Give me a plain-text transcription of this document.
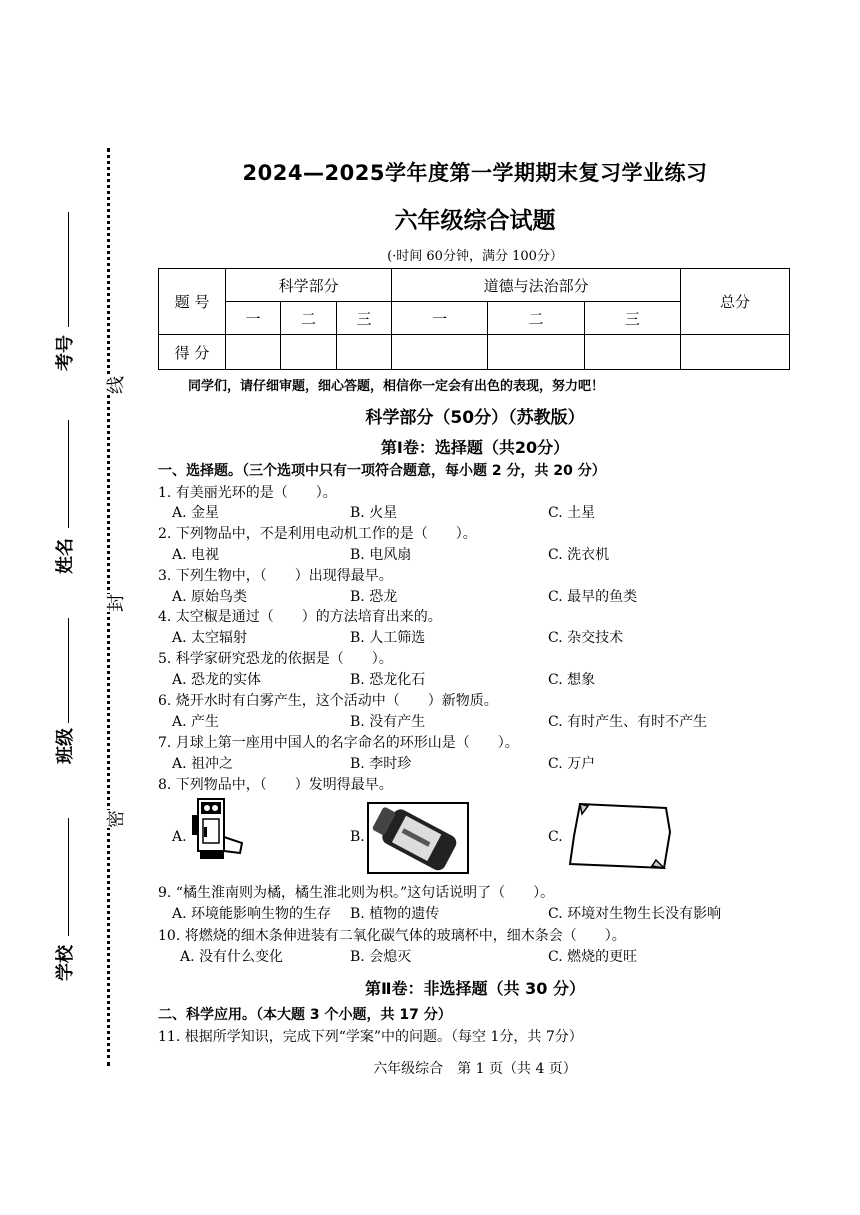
线
封
密
考号
姓名
班级
学校
2024—2025学年度第一学期期末复习学业练习
六年级综合试题
(·时间 60分钟，满分 100分）
题 号	科学部分			道德与法治部分			总分
	一	二	三	一	二	三	
得 分							
同学们，请仔细审题，细心答题，相信你一定会有出色的表现，努力吧！
科学部分（50分）（苏教版）
第Ⅰ卷：选择题（共20分）
一、选择题。（三个选项中只有一项符合题意，每小题 2 分，共 20 分）
1. 有美丽光环的是（　　）。
A. 金星	B. 火星	C. 土星
2. 下列物品中，不是利用电动机工作的是（　　）。
A. 电视	B. 电风扇	C. 洗衣机
3. 下列生物中，（　　）出现得最早。
A. 原始鸟类	B. 恐龙	C. 最早的鱼类
4. 太空椒是通过（　　）的方法培育出来的。
A. 太空辐射	B. 人工筛选	C. 杂交技术
5. 科学家研究恐龙的依据是（　　）。
A. 恐龙的实体	B. 恐龙化石	C. 想象
6. 烧开水时有白雾产生，这个活动中（　　）新物质。
A. 产生	B. 没有产生	C. 有时产生、有时不产生
7. 月球上第一座用中国人的名字命名的环形山是（　　）。
A. 祖冲之	B. 李时珍	C. 万户
8. 下列物品中，（　　）发明得最早。
A.	B.	C.
9. “橘生淮南则为橘，橘生淮北则为枳。”这句话说明了（　　）。
A. 环境能影响生物的生存 B. 植物的遗传	C. 环境对生物生长没有影响
10. 将燃烧的细木条伸进装有二氧化碳气体的玻璃杯中，细木条会（　　）。
A. 没有什么变化	B. 会熄灭	C. 燃烧的更旺
第Ⅱ卷：非选择题（共 30 分）
二、科学应用。（本大题 3 个小题，共 17 分）
11. 根据所学知识，完成下列“学案”中的问题。（每空 1分，共 7分）
六年级综合　第 1 页（共 4 页）
